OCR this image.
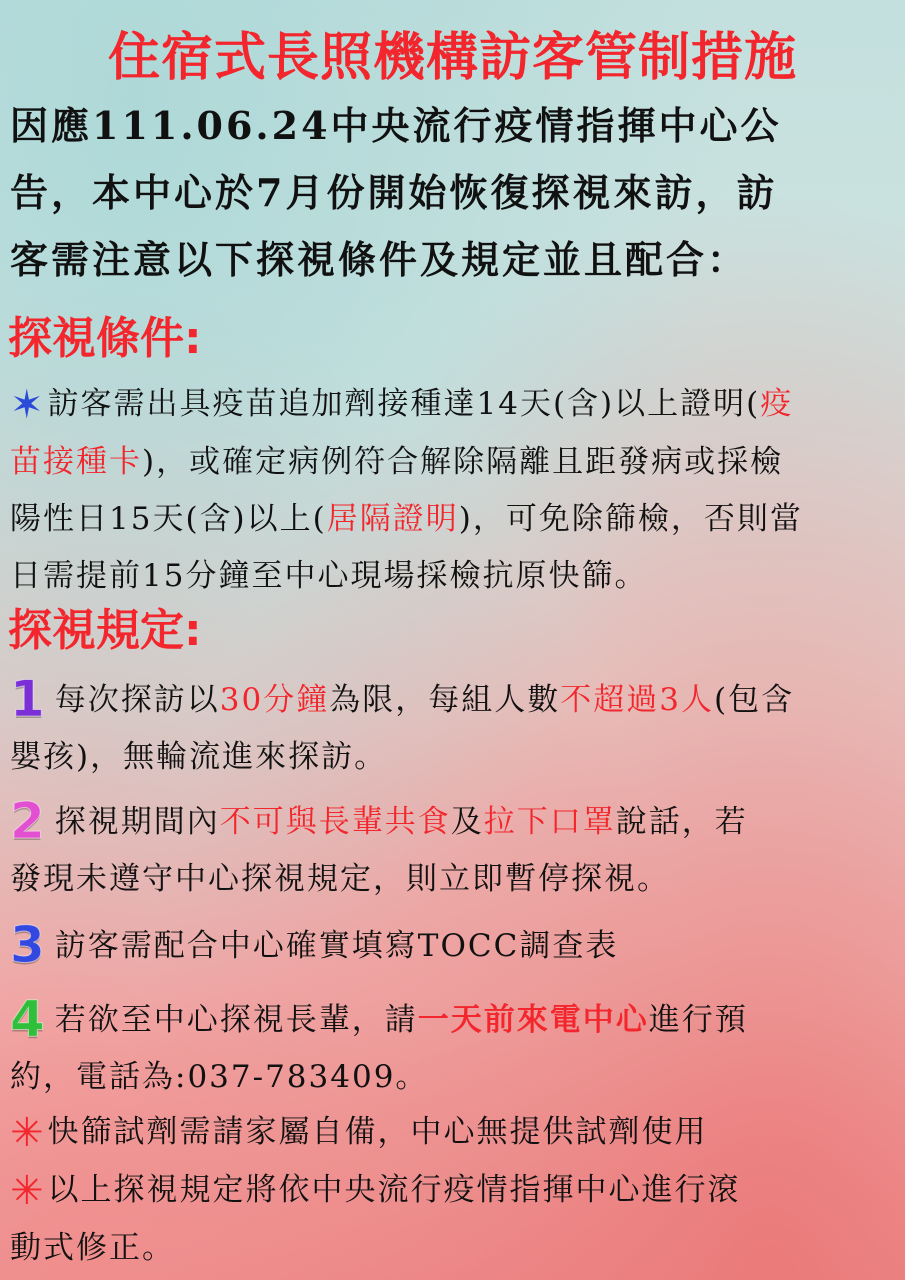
住宿式長照機構訪客管制措施
因應111.06.24中央流行疫情指揮中心公
告，本中心於7月份開始恢復探視來訪，訪
客需注意以下探視條件及規定並且配合：
探視條件:
✶訪客需出具疫苗追加劑接種達14天(含)以上證明(疫
苗接種卡)，或確定病例符合解除隔離且距發病或採檢
陽性日15天(含)以上(居隔證明)，可免除篩檢，否則當
日需提前15分鐘至中心現場採檢抗原快篩。
探視規定:
1 每次探訪以30分鐘為限，每組人數不超過3人(包含
嬰孩)，無輪流進來探訪。
2 探視期間內不可與長輩共食及拉下口罩說話，若
發現未遵守中心探視規定，則立即暫停探視。
3 訪客需配合中心確實填寫TOCC調查表
4 若欲至中心探視長輩，請一天前來電中心進行預
約，電話為:037-783409。
✳快篩試劑需請家屬自備，中心無提供試劑使用
✳以上探視規定將依中央流行疫情指揮中心進行滾
動式修正。
